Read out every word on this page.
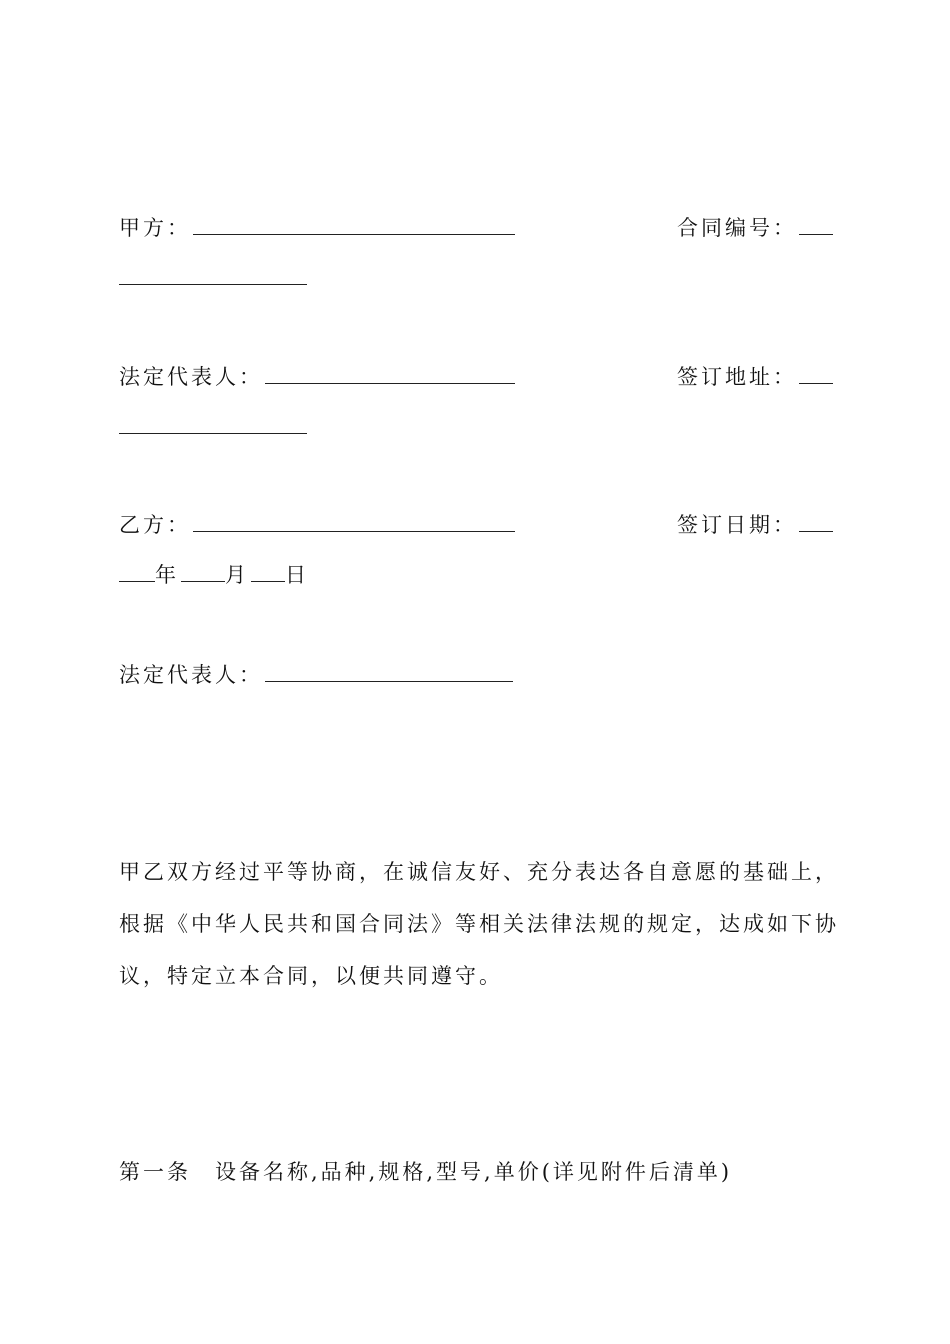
甲方：	合同编号：
法定代表人：	签订地址：
乙方：	签订日期：
年 月 日
法定代表人：
甲乙双方经过平等协商，在诚信友好、充分表达各自意愿的基础上，根据《中华人民共和国合同法》等相关法律法规的规定，达成如下协议，特定立本合同，以便共同遵守。
第一条 设备名称,品种,规格,型号,单价(详见附件后清单)
